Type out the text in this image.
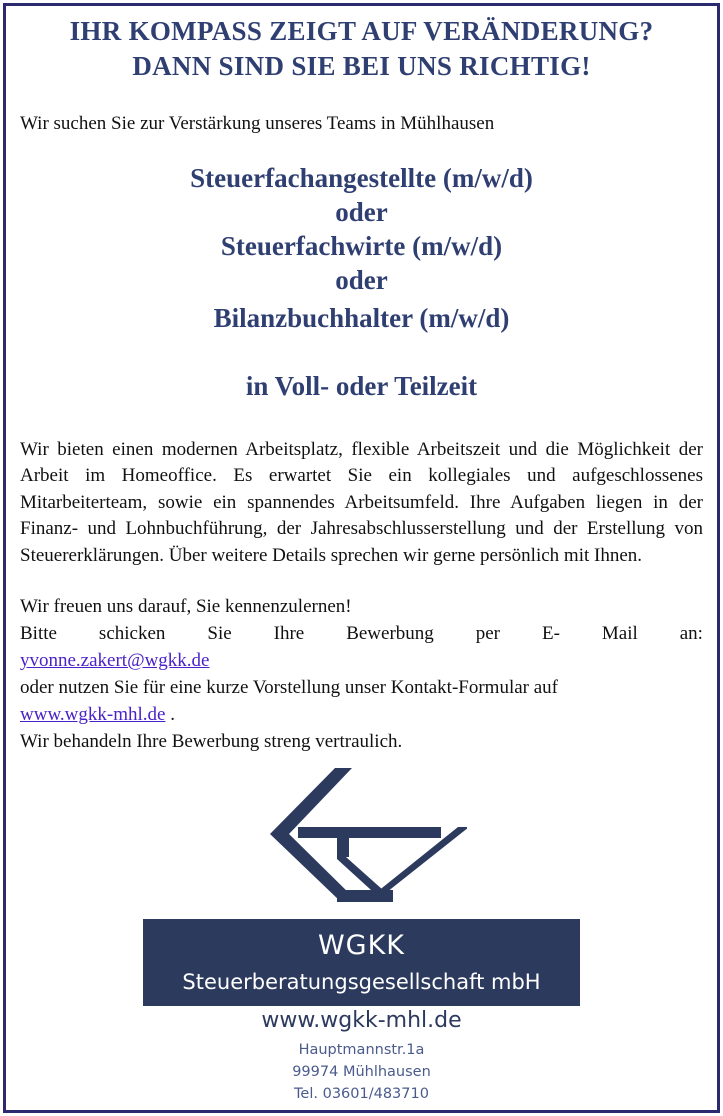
IHR KOMPASS ZEIGT AUF VERÄNDERUNG?
DANN SIND SIE BEI UNS RICHTIG!
Wir suchen Sie zur Verstärkung unseres Teams in Mühlhausen
Steuerfachangestellte (m/w/d)
oder
Steuerfachwirte (m/w/d)
oder
Bilanzbuchhalter (m/w/d)
in Voll- oder Teilzeit
Wir bieten einen modernen Arbeitsplatz, flexible Arbeitszeit und die Möglichkeit der Arbeit im Homeoffice. Es erwartet Sie ein kollegiales und aufgeschlossenes Mitarbeiterteam, sowie ein spannendes Arbeitsumfeld. Ihre Aufgaben liegen in der Finanz- und Lohnbuchführung, der Jahresabschlusserstellung und der Erstellung von Steuererklärungen. Über weitere Details sprechen wir gerne persönlich mit Ihnen.
Wir freuen uns darauf, Sie kennenzulernen!
Bitte schicken Sie Ihre Bewerbung per E- Mail an:
yvonne.zakert@wgkk.de
oder nutzen Sie für eine kurze Vorstellung unser Kontakt-Formular auf
www.wgkk-mhl.de .
Wir behandeln Ihre Bewerbung streng vertraulich.
WGKK
Steuerberatungsgesellschaft mbH
www.wgkk-mhl.de
Hauptmannstr.1a
99974 Mühlhausen
Tel. 03601/483710
